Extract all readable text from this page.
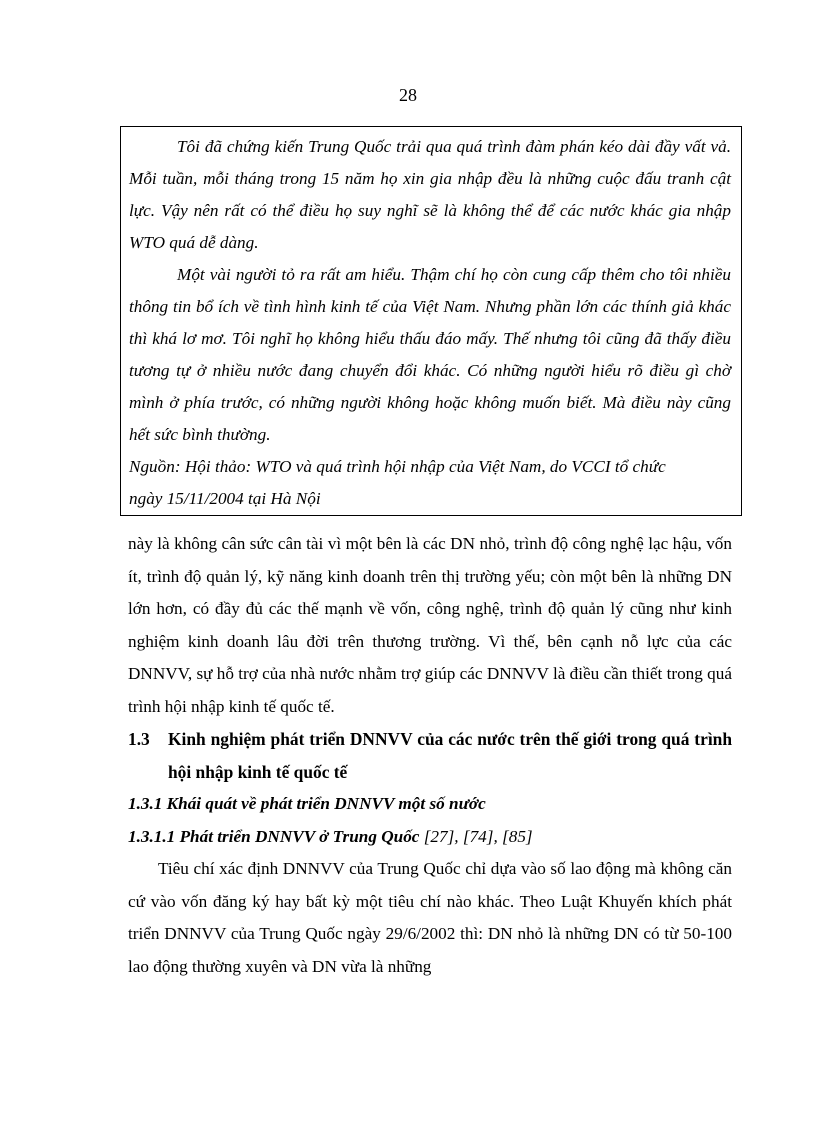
28

Tôi đã chứng kiến Trung Quốc trải qua quá trình đàm phán kéo dài đầy vất vả. Mỗi tuần, mỗi tháng trong 15 năm họ xin gia nhập đều là những cuộc đấu tranh cật lực. Vậy nên rất có thể điều họ suy nghĩ sẽ là không thể để các nước khác gia nhập WTO quá dễ dàng.

Một vài người tỏ ra rất am hiểu. Thậm chí họ còn cung cấp thêm cho tôi nhiều thông tin bổ ích về tình hình kinh tế của Việt Nam. Nhưng phần lớn các thính giả khác thì khá lơ mơ. Tôi nghĩ họ không hiểu thấu đáo mấy. Thế nhưng tôi cũng đã thấy điều tương tự ở nhiều nước đang chuyển đổi khác. Có những người hiểu rõ điều gì chờ mình ở phía trước, có những người không hoặc không muốn biết. Mà điều này cũng hết sức bình thường.

Nguồn: Hội thảo: WTO và quá trình hội nhập của Việt Nam, do VCCI tổ chức

ngày 15/11/2004 tại Hà Nội

này là không cân sức cân tài vì một bên là các DN nhỏ, trình độ công nghệ lạc hậu, vốn ít, trình độ quản lý, kỹ năng kinh doanh trên thị trường yếu; còn một bên là những DN lớn hơn, có đầy đủ các thế mạnh về vốn, công nghệ, trình độ quản lý cũng như kinh nghiệm kinh doanh lâu đời trên thương trường. Vì thế, bên cạnh nỗ lực của các DNNVV, sự hỗ trợ của nhà nước nhằm trợ giúp các DNNVV là điều cần thiết trong quá trình hội nhập kinh tế quốc tế.

1.3 Kinh nghiệm phát triển DNNVV của các nước trên thế giới trong quá trình hội nhập kinh tế quốc tế

1.3.1 Khái quát về phát triển DNNVV một số nước

1.3.1.1 Phát triển DNNVV ở Trung Quốc [27], [74], [85]

Tiêu chí xác định DNNVV của Trung Quốc chỉ dựa vào số lao động mà không căn cứ vào vốn đăng ký hay bất kỳ một tiêu chí nào khác. Theo Luật Khuyến khích phát triển DNNVV của Trung Quốc ngày 29/6/2002 thì: DN nhỏ là những DN có từ 50-100 lao động thường xuyên và DN vừa là những
